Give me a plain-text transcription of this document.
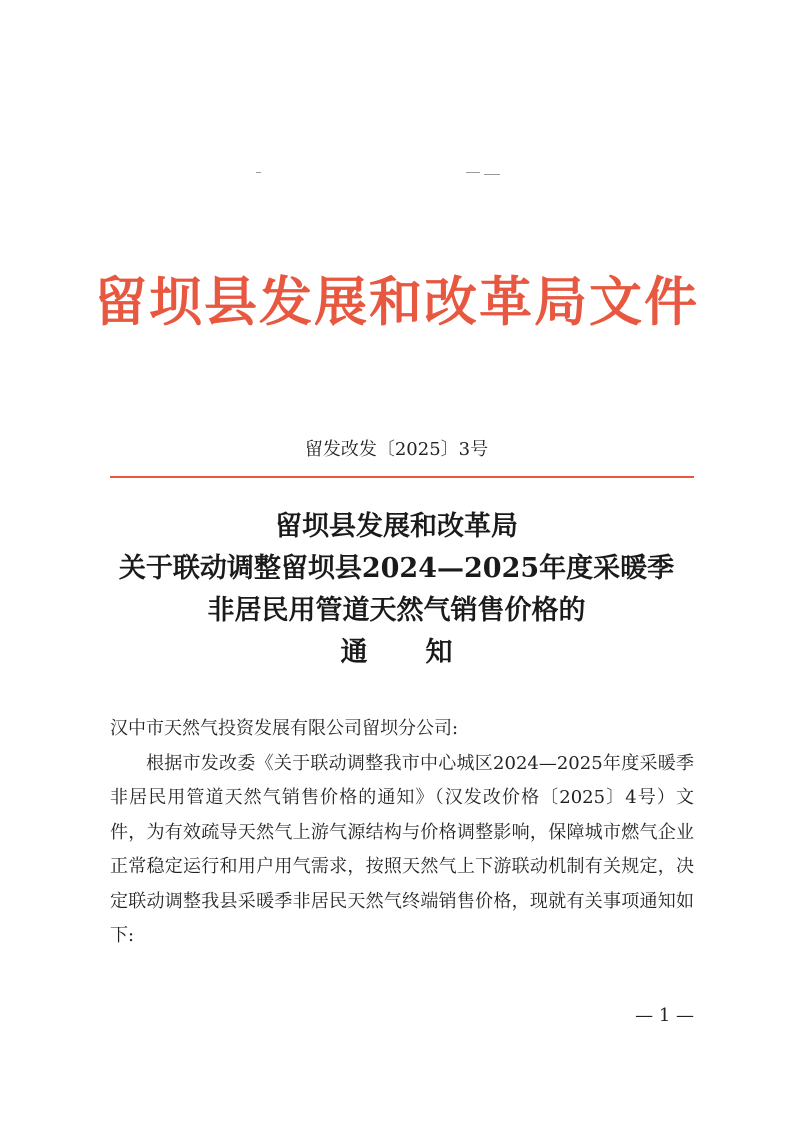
留坝县发展和改革局文件
留发改发〔2025〕3号
留坝县发展和改革局
关于联动调整留坝县2024—2025年度采暖季
非居民用管道天然气销售价格的
通 知

汉中市天然气投资发展有限公司留坝分公司:

根据市发改委《关于联动调整我市中心城区2024—2025年度采暖季非居民用管道天然气销售价格的通知》（汉发改价格〔2025〕4号）文件，为有效疏导天然气上游气源结构与价格调整影响，保障城市燃气企业正常稳定运行和用户用气需求，按照天然气上下游联动机制有关规定，决定联动调整我县采暖季非居民天然气终端销售价格，现就有关事项通知如下:

— 1 —
